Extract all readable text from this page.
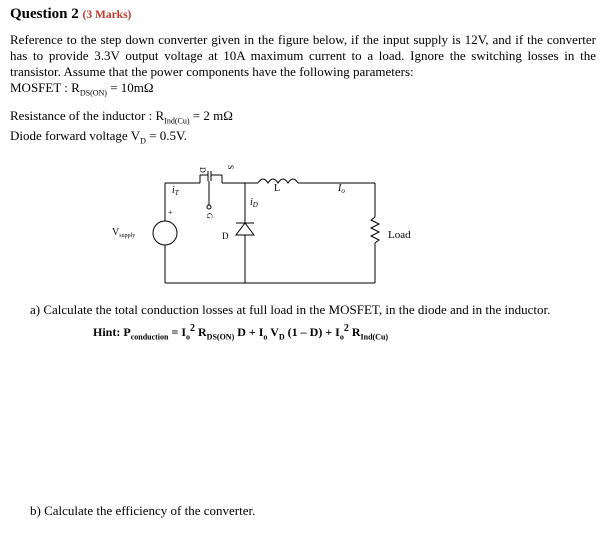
Question 2 (3 Marks)
Reference to the step down converter given in the figure below, if the input supply is 12V, and if the converter has to provide 3.3V output voltage at 10A maximum current to a load. Ignore the switching losses in the transistor. Assume that the power components have the following parameters:
MOSFET : $R_{DS(ON)} = 10m\Omega$
Resistance of the inductor : $R_{Ind(Cu)} = 2$ mΩ
Diode forward voltage $V_D = 0.5V$.
+
$V_{supply}$
$i_T$
D S
G
$i_D$
D
L	$I_o$
Load
a) Calculate the total conduction losses at full load in the MOSFET, in the diode and in the inductor.
Hint: $P_{conduction} = I_o^2$ $R_{DS(ON)}$ $D + I_o$ $V_D$ $(1 - D) + I_o^2$ $R_{Ind(Cu)}$
b) Calculate the efficiency of the converter.
